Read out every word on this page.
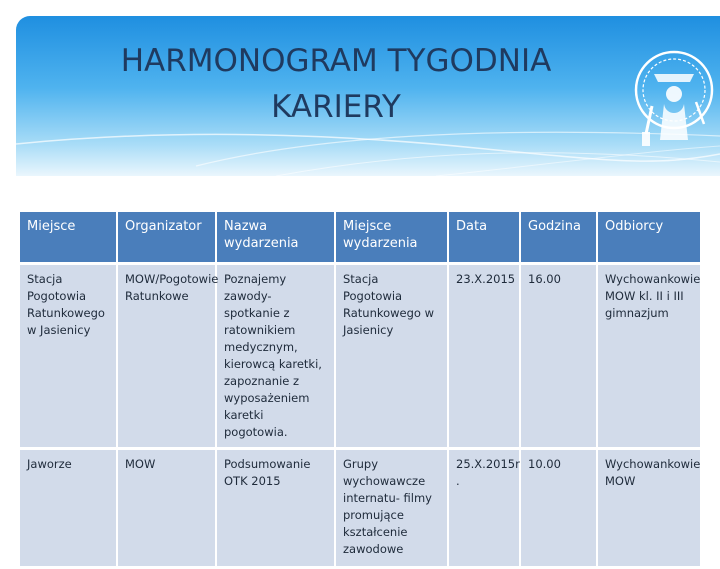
HARMONOGRAM TYGODNIA
KARIERY
Miejsce	Organizator	Nazwa wydarzenia	Miejsce wydarzenia	Data	Godzina	Odbiorcy
Stacja Pogotowia Ratunkowego w Jasienicy	MOW/Pogotowie Ratunkowe	Poznajemy zawody- spotkanie z ratownikiem medycznym, kierowcą karetki, zapoznanie z wyposażeniem karetki pogotowia.	Stacja Pogotowia Ratunkowego w Jasienicy	23.X.2015	16.00	Wychowankowie MOW kl. II i III gimnazjum
Jaworze	MOW	Podsumowanie OTK 2015	Grupy wychowawcze internatu- filmy promujące kształcenie zawodowe	25.X.2015r .	10.00	Wychowankowie MOW
